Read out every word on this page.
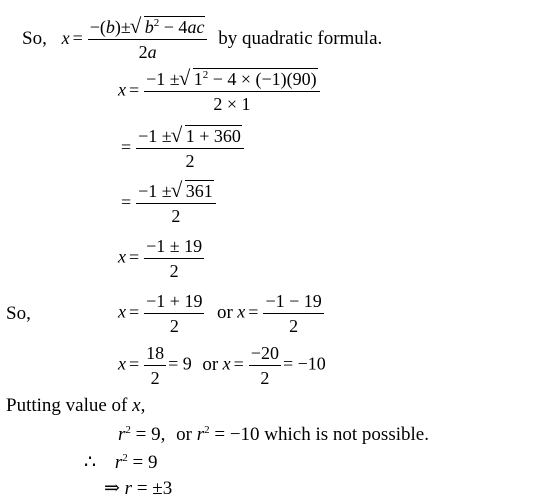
So, $x = \frac{-(b)\pm √ b^2 - 4ac}{2a}$ by quadratic formula.
$x = \frac{-1 \pm √ 1^2 - 4 \times (-1)(90)}{2 \times 1}$
= $\frac{-1 \pm √ 1 + 360}{2}$
= $\frac{-1 \pm √ 361}{2}$
$x = \frac{-1 \pm 19}{2}$
So,	$x = \frac{-1 + 19}{2}$ or $x = \frac{-1 - 19}{2}$
$x = \frac{18}{2} = 9$ or $x = \frac{-20}{2} = -10$
Putting value of x,
$r^2 = 9$, or $r^2 = -10$ which is not possible.
∴ $r^2 = 9$
⇒ r = ±3
